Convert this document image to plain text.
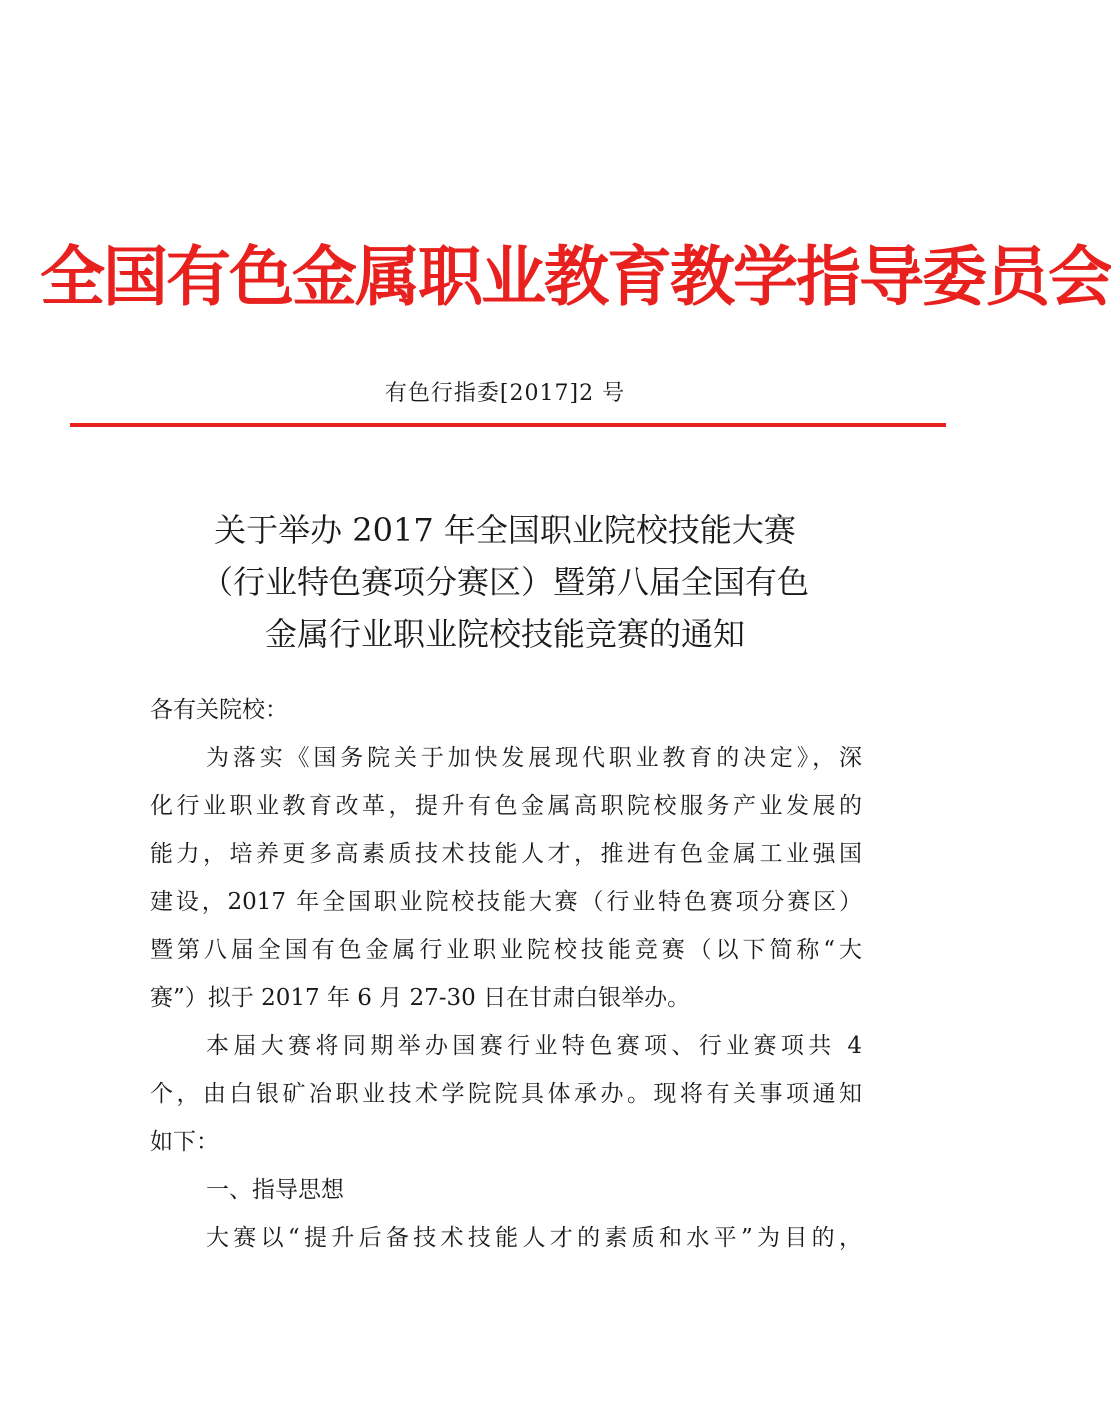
全国有色金属职业教育教学指导委员会
有色行指委[2017]2 号
关于举办 2017 年全国职业院校技能大赛
（行业特色赛项分赛区）暨第八届全国有色
金属行业职业院校技能竞赛的通知
各有关院校：
为落实《国务院关于加快发展现代职业教育的决定》，深
化行业职业教育改革，提升有色金属高职院校服务产业发展的
能力，培养更多高素质技术技能人才，推进有色金属工业强国
建设，2017 年全国职业院校技能大赛（行业特色赛项分赛区）
暨第八届全国有色金属行业职业院校技能竞赛（以下简称“大
赛”）拟于 2017 年 6 月 27-30 日在甘肃白银举办。
本届大赛将同期举办国赛行业特色赛项、行业赛项共 4
个，由白银矿冶职业技术学院院具体承办。现将有关事项通知
如下：
一、指导思想
大赛以“提升后备技术技能人才的素质和水平”为目的，
